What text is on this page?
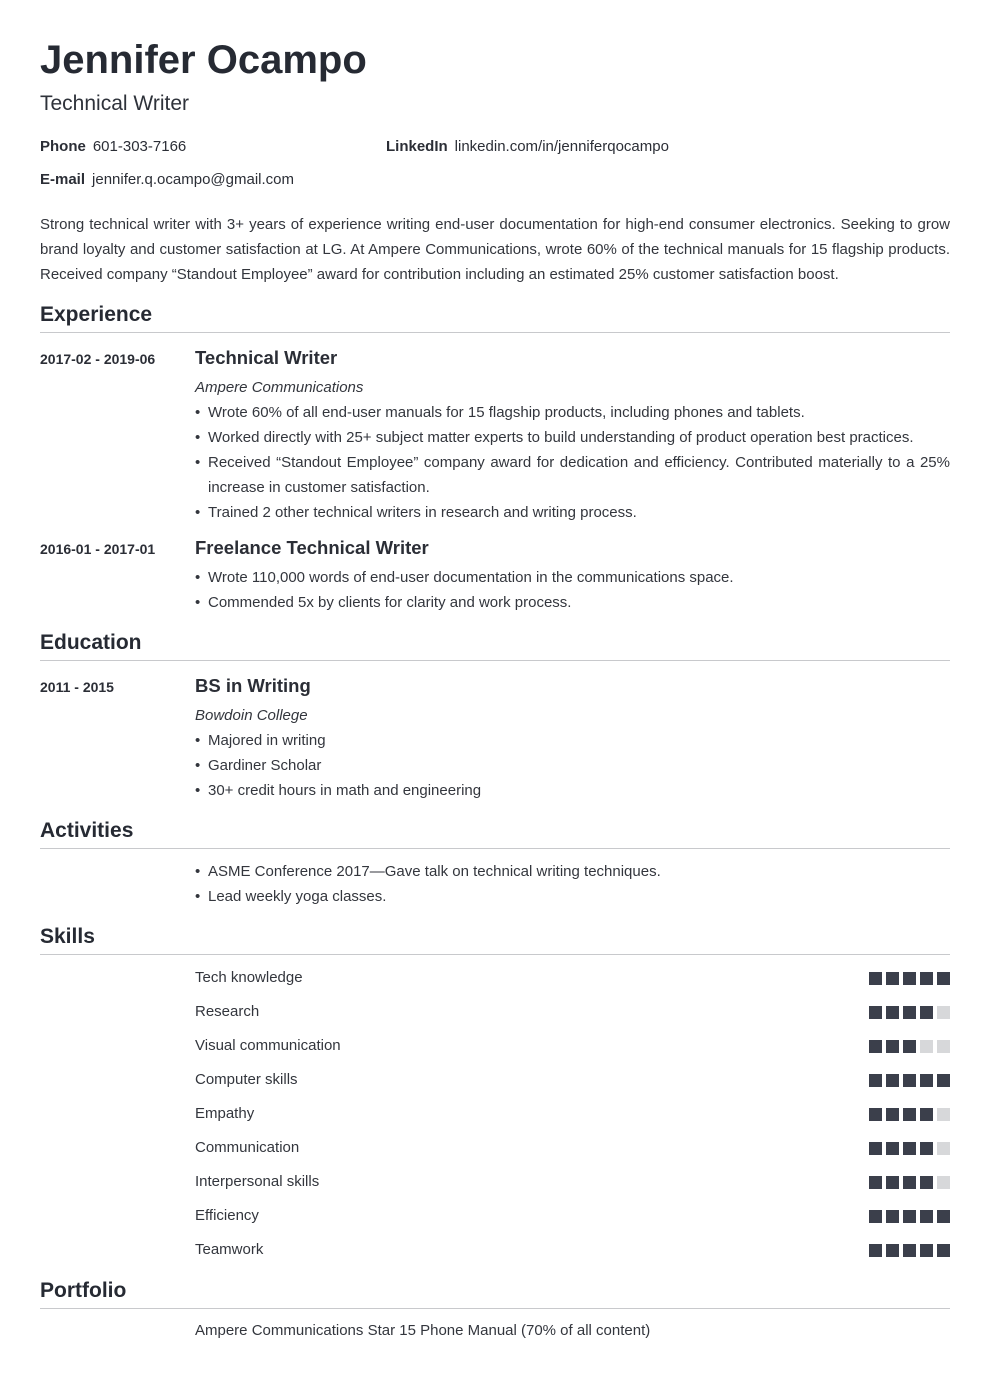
Jennifer Ocampo
Technical Writer
Phone 601-303-7166	LinkedIn linkedin.com/in/jenniferqocampo
E-mail jennifer.q.ocampo@gmail.com

Strong technical writer with 3+ years of experience writing end-user documentation for high-end consumer electronics. Seeking to grow brand loyalty and customer satisfaction at LG. At Ampere Communications, wrote 60% of the technical manuals for 15 flagship products. Received company “Standout Employee” award for contribution including an estimated 25% customer satisfaction boost.

Experience
2017-02 - 2019-06 Technical Writer
Ampere Communications
• Wrote 60% of all end-user manuals for 15 flagship products, including phones and tablets.
• Worked directly with 25+ subject matter experts to build understanding of product operation best practices.
• Received “Standout Employee” company award for dedication and efficiency. Contributed materially to a 25% increase in customer satisfaction.
• Trained 2 other technical writers in research and writing process.
2016-01 - 2017-01 Freelance Technical Writer
• Wrote 110,000 words of end-user documentation in the communications space.
• Commended 5x by clients for clarity and work process.
Education
2011 - 2015	BS in Writing
Bowdoin College
• Majored in writing
• Gardiner Scholar
• 30+ credit hours in math and engineering
Activities
• ASME Conference 2017—Gave talk on technical writing techniques.
• Lead weekly yoga classes.
Skills
Tech knowledge
Research
Visual communication
Computer skills
Empathy
Communication
Interpersonal skills
Efficiency
Teamwork
Portfolio
Ampere Communications Star 15 Phone Manual (70% of all content)
